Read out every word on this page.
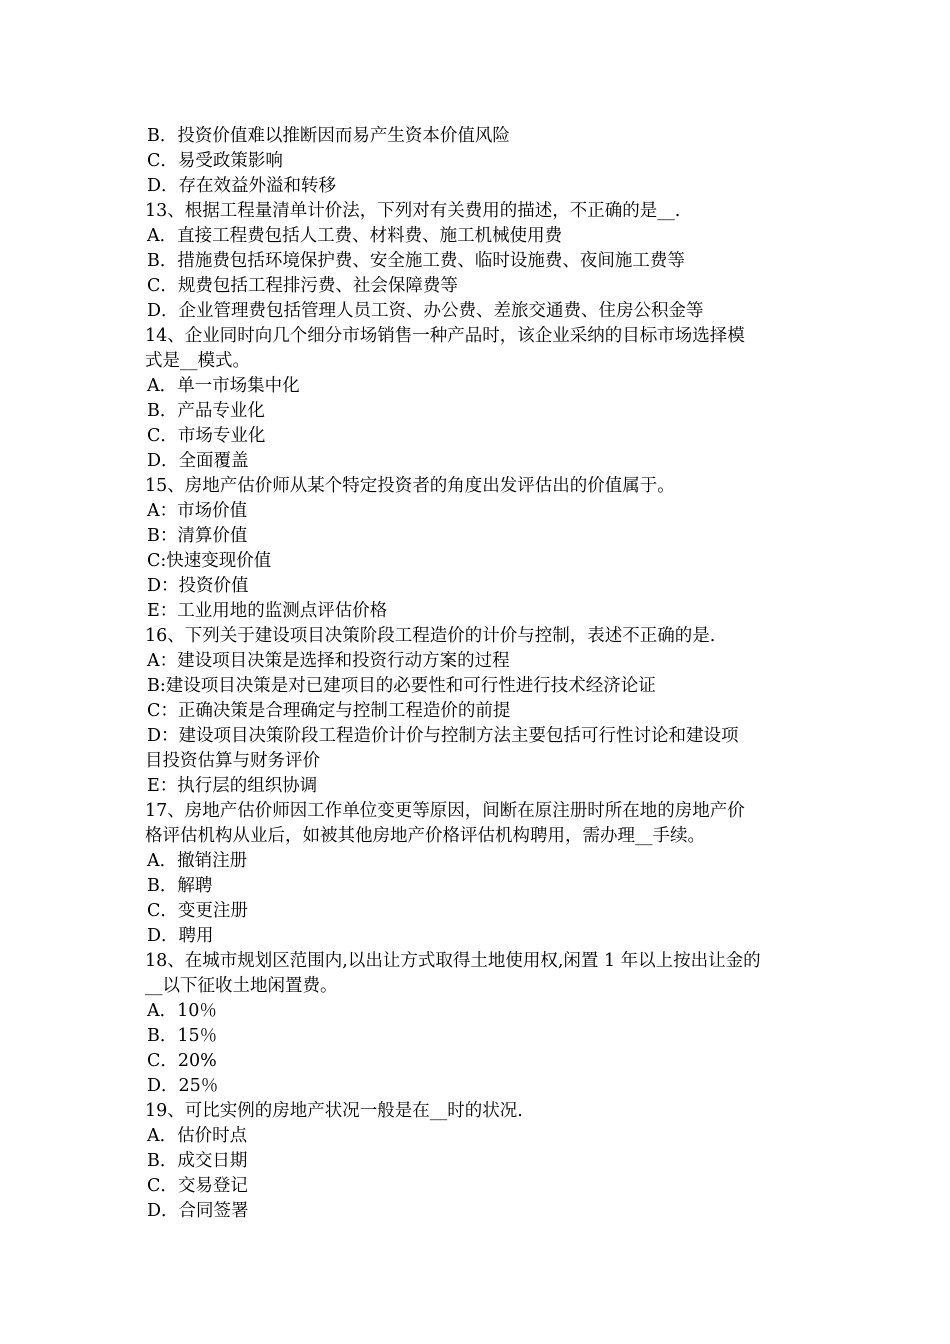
B．投资价值难以推断因而易产生资本价值风险
C．易受政策影响
D．存在效益外溢和转移
13、根据工程量清单计价法，下列对有关费用的描述，不正确的是__.
A．直接工程费包括人工费、材料费、施工机械使用费
B．措施费包括环境保护费、安全施工费、临时设施费、夜间施工费等
C．规费包括工程排污费、社会保障费等
D．企业管理费包括管理人员工资、办公费、差旅交通费、住房公积金等
14、企业同时向几个细分市场销售一种产品时，该企业采纳的目标市场选择模
式是__模式。
A．单一市场集中化
B．产品专业化
C．市场专业化
D．全面覆盖
15、房地产估价师从某个特定投资者的角度出发评估出的价值属于。
A：市场价值
B：清算价值
C:快速变现价值
D：投资价值
E：工业用地的监测点评估价格
16、下列关于建设项目决策阶段工程造价的计价与控制，表述不正确的是.
A：建设项目决策是选择和投资行动方案的过程
B:建设项目决策是对已建项目的必要性和可行性进行技术经济论证
C：正确决策是合理确定与控制工程造价的前提
D：建设项目决策阶段工程造价计价与控制方法主要包括可行性讨论和建设项
目投资估算与财务评价
E：执行层的组织协调
17、房地产估价师因工作单位变更等原因，间断在原注册时所在地的房地产价
格评估机构从业后，如被其他房地产价格评估机构聘用，需办理__手续。
A．撤销注册
B．解聘
C．变更注册
D．聘用
18、在城市规划区范围内,以出让方式取得土地使用权,闲置 1 年以上按出让金的
__以下征收土地闲置费。
A．10％
B．15％
C．20%
D．25％
19、可比实例的房地产状况一般是在__时的状况.
A．估价时点
B．成交日期
C．交易登记
D．合同签署
